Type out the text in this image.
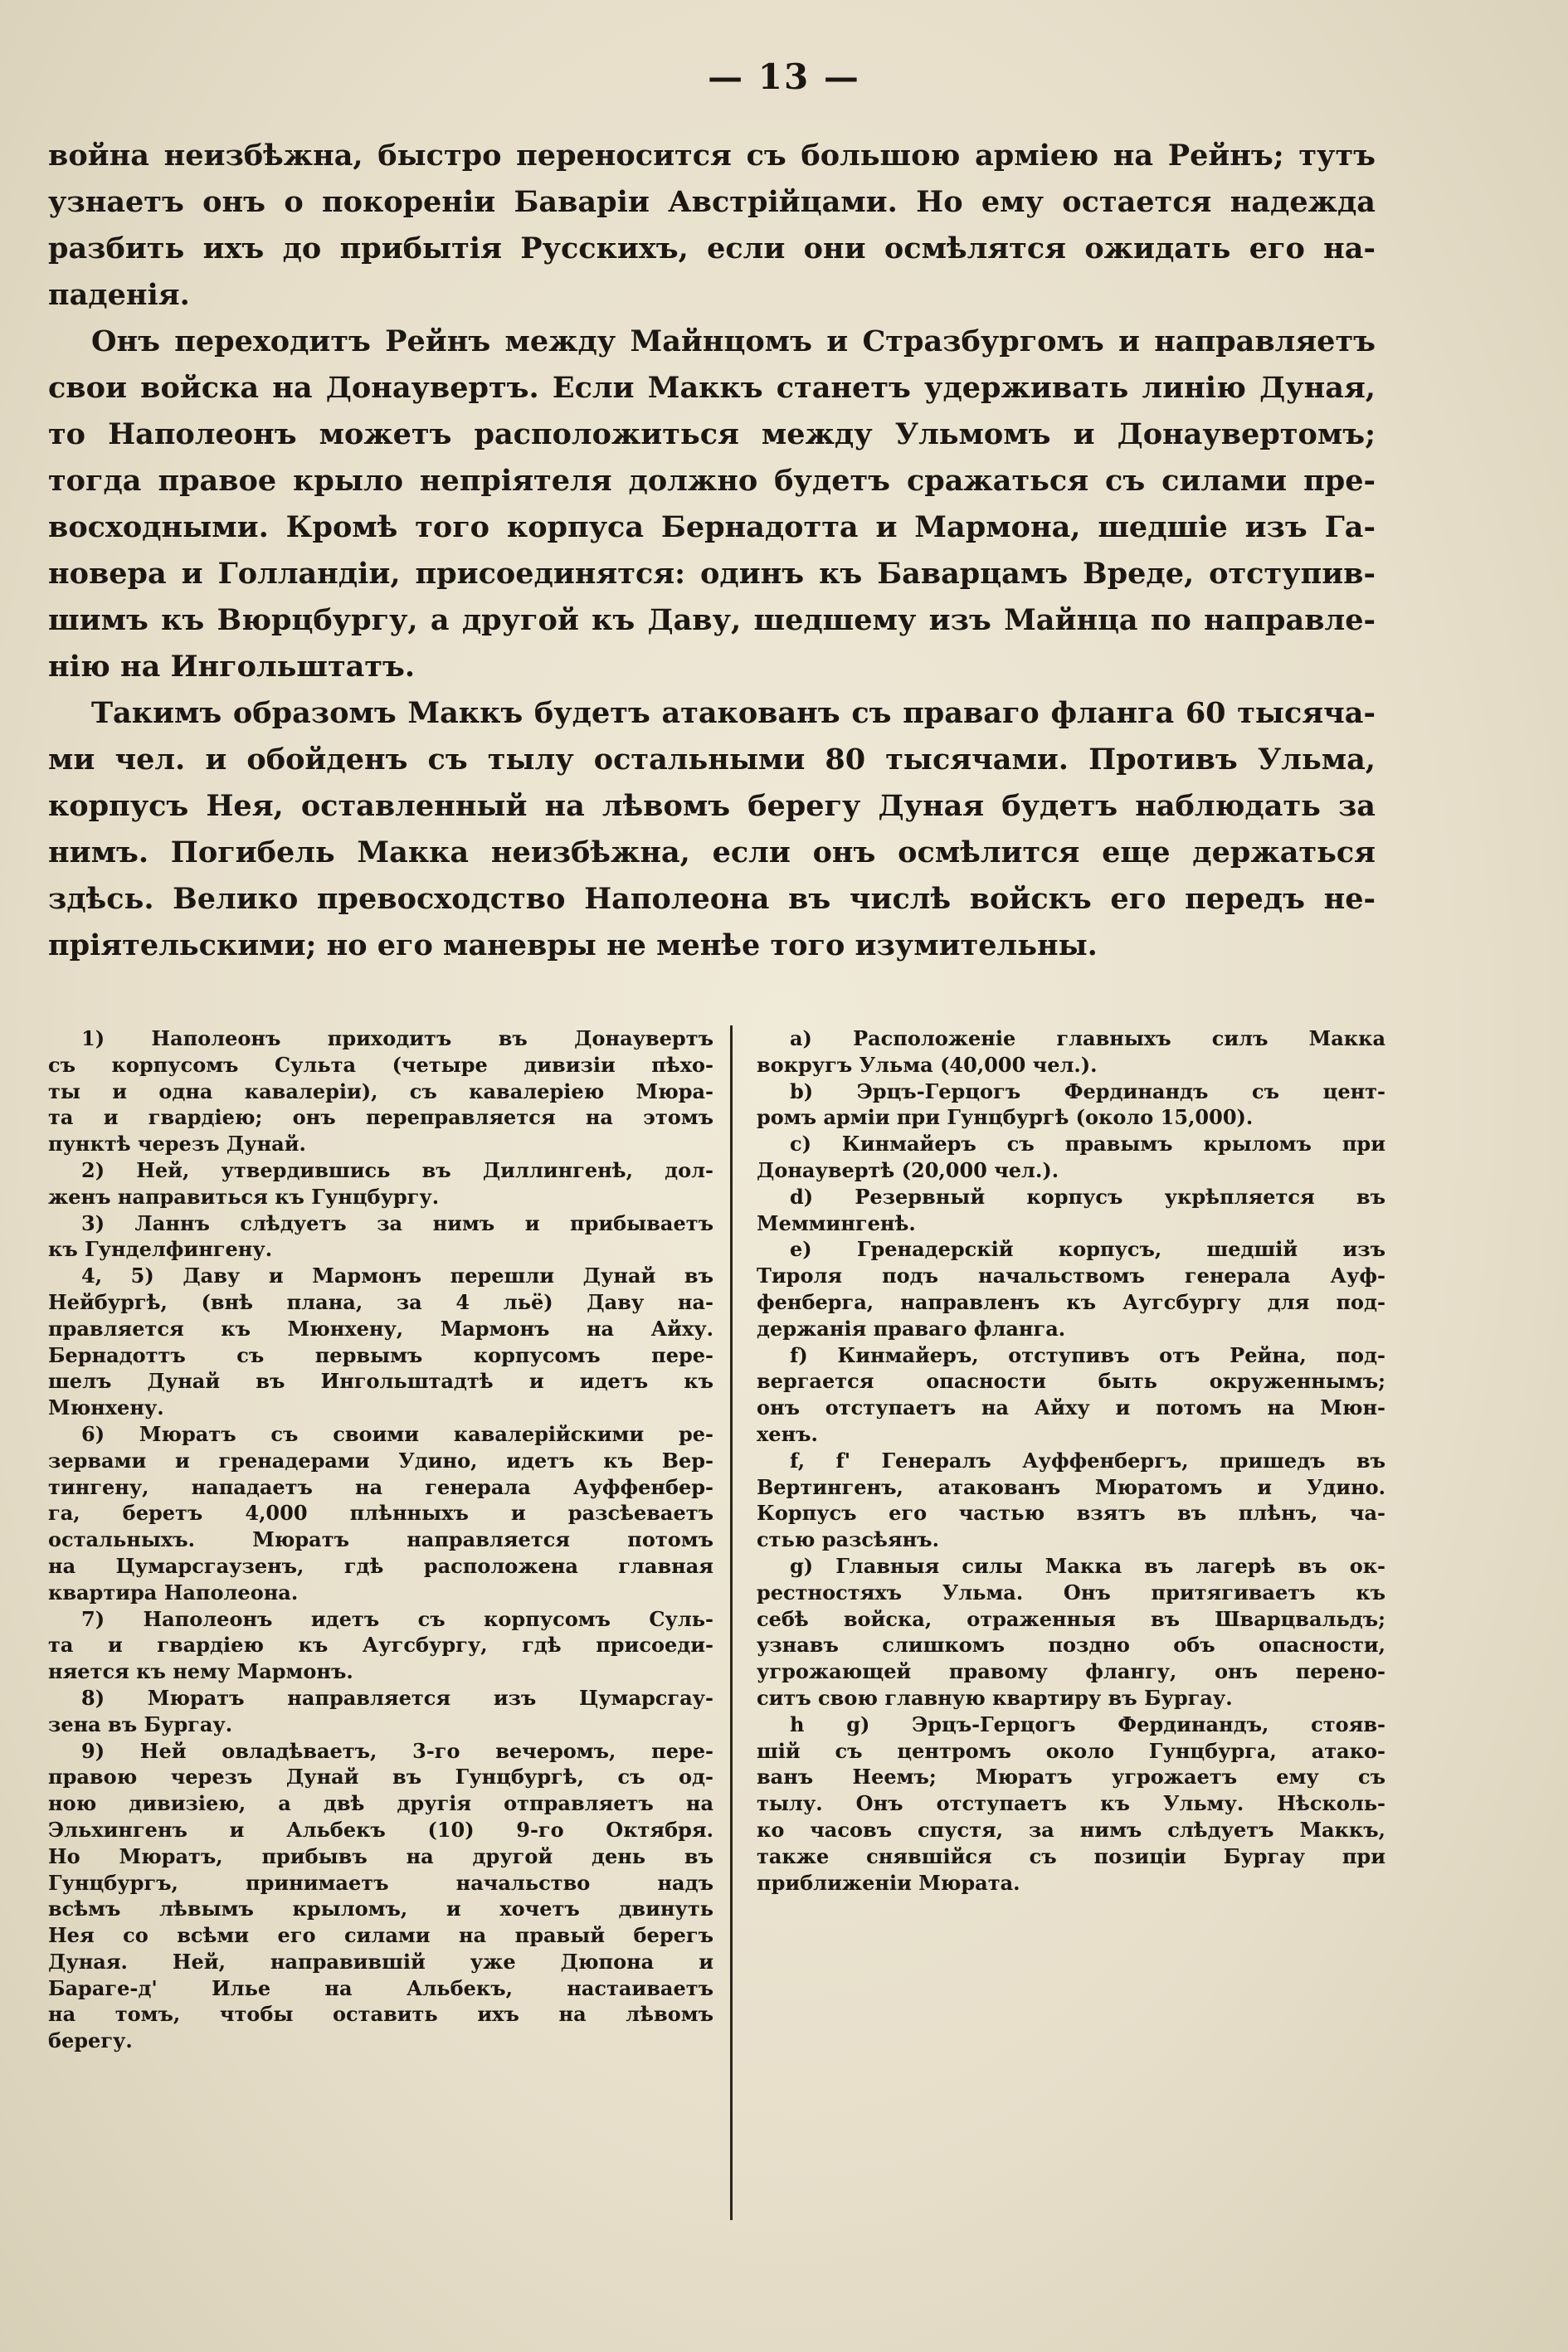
— 13 —

война неизбѣжна, быстро переносится съ большою арміею на Рейнъ; тутъ
узнаетъ онъ о покореніи Баваріи Австрійцами. Но ему остается надежда
разбить ихъ до прибытія Русскихъ, если они осмѣлятся ожидать его на-
паденія.

Онъ переходитъ Рейнъ между Майнцомъ и Стразбургомъ и направляетъ
свои войска на Донаувертъ. Если Маккъ станетъ удерживать линію Дуная,
то Наполеонъ можетъ расположиться между Ульмомъ и Донаувертомъ;
тогда правое крыло непріятеля должно будетъ сражаться съ силами пре-
восходными. Кромѣ того корпуса Бернадотта и Мармона, шедшіе изъ Га-
новера и Голландіи, присоединятся: одинъ къ Баварцамъ Вреде, отступив-
шимъ къ Вюрцбургу, а другой къ Даву, шедшему изъ Майнца по направле-
нію на Ингольштатъ.

Такимъ образомъ Маккъ будетъ атакованъ съ праваго фланга 60 тысяча-
ми чел. и обойденъ съ тылу остальными 80 тысячами. Противъ Ульма,
корпусъ Нея, оставленный на лѣвомъ берегу Дуная будетъ наблюдать за
нимъ. Погибель Макка неизбѣжна, если онъ осмѣлится еще держаться
здѣсь. Велико превосходство Наполеона въ числѣ войскъ его передъ не-
пріятельскими; но его маневры не менѣе того изумительны.

1) Наполеонъ приходитъ въ Донаувертъ
съ корпусомъ Сульта (четыре дивизіи пѣхо-
ты и одна кавалеріи), съ кавалеріею Мюра-
та и гвардіею; онъ переправляется на этомъ
пунктѣ черезъ Дунай.
2) Ней, утвердившись въ Диллингенѣ, дол-
женъ направиться къ Гунцбургу.
3) Ланнъ слѣдуетъ за нимъ и прибываетъ
къ Гунделфингену.
4, 5) Даву и Мармонъ перешли Дунай въ
Нейбургѣ, (внѣ плана, за 4 льё) Даву на-
правляется къ Мюнхену, Мармонъ на Айху.
Бернадоттъ съ первымъ корпусомъ пере-
шелъ Дунай въ Ингольштадтѣ и идетъ къ
Мюнхену.
6) Мюратъ съ своими кавалерійскими ре-
зервами и гренадерами Удино, идетъ къ Вер-
тингену, нападаетъ на генерала Ауффенбер-
га, беретъ 4,000 плѣнныхъ и разсѣеваетъ
остальныхъ. Мюратъ направляется потомъ
на Цумарсгаузенъ, гдѣ расположена главная
квартира Наполеона.
7) Наполеонъ идетъ съ корпусомъ Суль-
та и гвардіею къ Аугсбургу, гдѣ присоеди-
няется къ нему Мармонъ.
8) Мюратъ направляется изъ Цумарсгау-
зена въ Бургау.
9) Ней овладѣваетъ, 3-го вечеромъ, пере-
правою черезъ Дунай въ Гунцбургѣ, съ од-
ною дивизіею, а двѣ другія отправляетъ на
Эльхингенъ и Альбекъ (10) 9-го Октября.
Но Мюратъ, прибывъ на другой день въ
Гунцбургъ, принимаетъ начальство надъ
всѣмъ лѣвымъ крыломъ, и хочетъ двинуть
Нея со всѣми его силами на правый берегъ
Дуная. Ней, направившій уже Дюпона и
Бараге-д' Илье на Альбекъ, настаиваетъ
на томъ, чтобы оставить ихъ на лѣвомъ
берегу.
a) Расположеніе главныхъ силъ Макка
вокругъ Ульма (40,000 чел.).
b) Эрцъ-Герцогъ Фердинандъ съ цент-
ромъ арміи при Гунцбургѣ (около 15,000).
c) Кинмайеръ съ правымъ крыломъ при
Донаувертѣ (20,000 чел.).
d) Резервный корпусъ укрѣпляется въ
Меммингенѣ.
e) Гренадерскій корпусъ, шедшій изъ
Тироля подъ начальствомъ генерала Ауф-
фенберга, направленъ къ Аугсбургу для под-
держанія праваго фланга.
f) Кинмайеръ, отступивъ отъ Рейна, под-
вергается опасности быть окруженнымъ;
онъ отступаетъ на Айху и потомъ на Мюн-
хенъ.
f, f' Генералъ Ауффенбергъ, пришедъ въ
Вертингенъ, атакованъ Мюратомъ и Удино.
Корпусъ его частью взятъ въ плѣнъ, ча-
стью разсѣянъ.
g) Главныя силы Макка въ лагерѣ въ ок-
рестностяхъ Ульма. Онъ притягиваетъ къ
себѣ войска, отраженныя въ Шварцвальдъ;
узнавъ слишкомъ поздно объ опасности,
угрожающей правому флангу, онъ перено-
ситъ свою главную квартиру въ Бургау.
h g) Эрцъ-Герцогъ Фердинандъ, стояв-
шій съ центромъ около Гунцбурга, атако-
ванъ Неемъ; Мюратъ угрожаетъ ему съ
тылу. Онъ отступаетъ къ Ульму. Нѣсколь-
ко часовъ спустя, за нимъ слѣдуетъ Маккъ,
также снявшійся съ позиціи Бургау при
приближеніи Мюрата.
